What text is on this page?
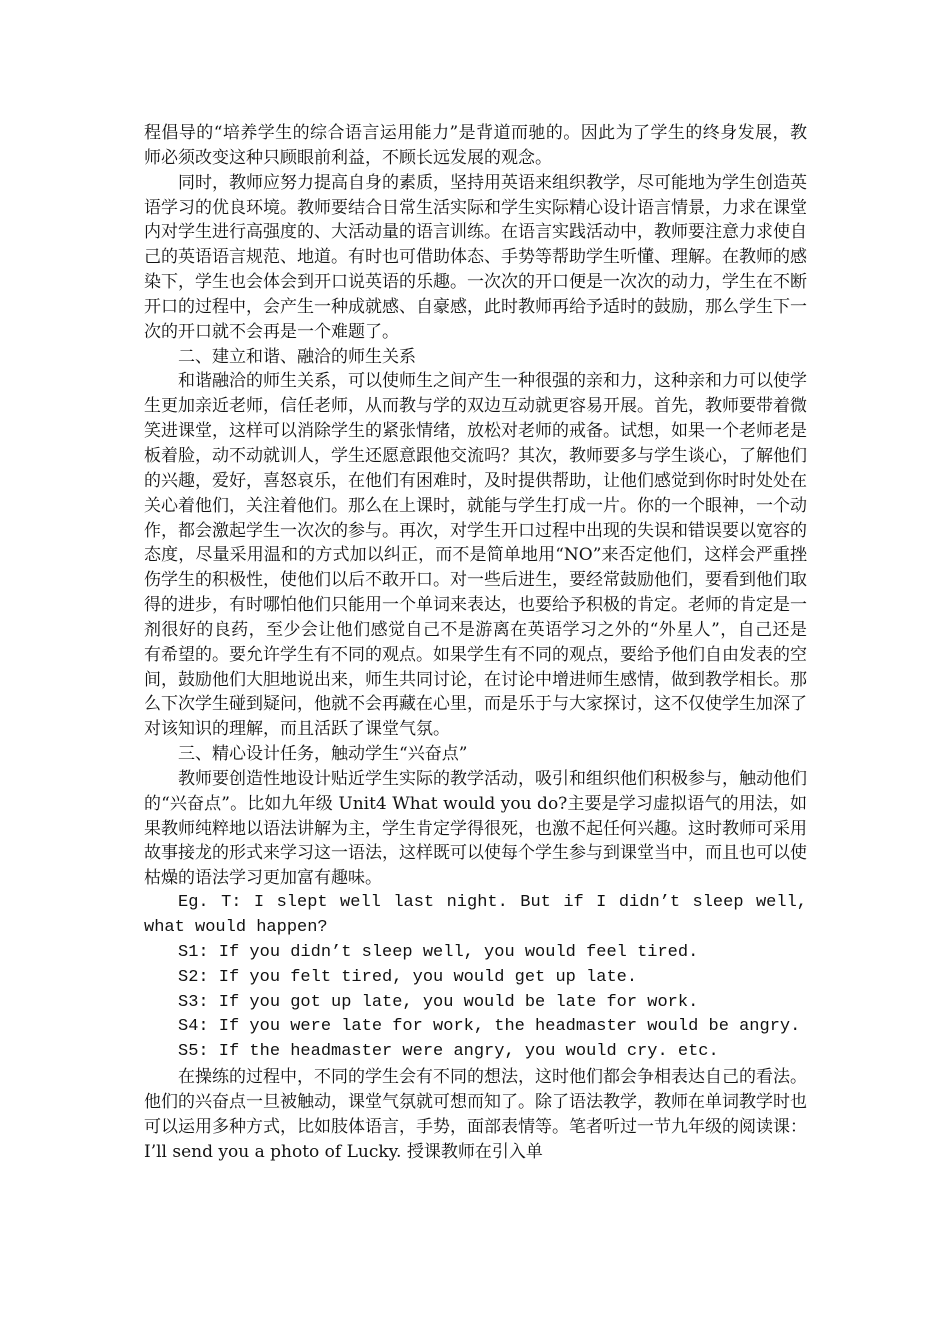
程倡导的“培养学生的综合语言运用能力”是背道而驰的。因此为了学生的终身发展，教师必须改变这种只顾眼前利益，不顾长远发展的观念。

同时，教师应努力提高自身的素质，坚持用英语来组织教学，尽可能地为学生创造英语学习的优良环境。教师要结合日常生活实际和学生实际精心设计语言情景，力求在课堂内对学生进行高强度的、大活动量的语言训练。在语言实践活动中，教师要注意力求使自己的英语语言规范、地道。有时也可借助体态、手势等帮助学生听懂、理解。在教师的感染下，学生也会体会到开口说英语的乐趣。一次次的开口便是一次次的动力，学生在不断开口的过程中，会产生一种成就感、自豪感，此时教师再给予适时的鼓励，那么学生下一次的开口就不会再是一个难题了。

二、建立和谐、融洽的师生关系

和谐融洽的师生关系，可以使师生之间产生一种很强的亲和力，这种亲和力可以使学生更加亲近老师，信任老师，从而教与学的双边互动就更容易开展。首先，教师要带着微笑进课堂，这样可以消除学生的紧张情绪，放松对老师的戒备。试想，如果一个老师老是板着脸，动不动就训人，学生还愿意跟他交流吗？其次，教师要多与学生谈心，了解他们的兴趣，爱好，喜怒哀乐，在他们有困难时，及时提供帮助，让他们感觉到你时时处处在关心着他们，关注着他们。那么在上课时，就能与学生打成一片。你的一个眼神，一个动作，都会激起学生一次次的参与。再次，对学生开口过程中出现的失误和错误要以宽容的态度，尽量采用温和的方式加以纠正，而不是简单地用“NO”来否定他们，这样会严重挫伤学生的积极性，使他们以后不敢开口。对一些后进生，要经常鼓励他们，要看到他们取得的进步，有时哪怕他们只能用一个单词来表达，也要给予积极的肯定。老师的肯定是一剂很好的良药，至少会让他们感觉自己不是游离在英语学习之外的“外星人”，自己还是有希望的。要允许学生有不同的观点。如果学生有不同的观点，要给予他们自由发表的空间，鼓励他们大胆地说出来，师生共同讨论，在讨论中增进师生感情，做到教学相长。那么下次学生碰到疑问，他就不会再藏在心里，而是乐于与大家探讨，这不仅使学生加深了对该知识的理解，而且活跃了课堂气氛。

三、精心设计任务，触动学生“兴奋点”

教师要创造性地设计贴近学生实际的教学活动，吸引和组织他们积极参与，触动他们的“兴奋点”。比如九年级 Unit4 What would you do?主要是学习虚拟语气的用法，如果教师纯粹地以语法讲解为主，学生肯定学得很死，也激不起任何兴趣。这时教师可采用故事接龙的形式来学习这一语法，这样既可以使每个学生参与到课堂当中，而且也可以使枯燥的语法学习更加富有趣味。

Eg. T: I slept well last night. But if I didn’t sleep well, what would happen?

S1: If you didn’t sleep well, you would feel tired.

S2: If you felt tired, you would get up late.

S3: If you got up late, you would be late for work.

S4: If you were late for work, the headmaster would be angry.

S5: If the headmaster were angry, you would cry. etc.

在操练的过程中，不同的学生会有不同的想法，这时他们都会争相表达自己的看法。他们的兴奋点一旦被触动，课堂气氛就可想而知了。除了语法教学，教师在单词教学时也可以运用多种方式，比如肢体语言，手势，面部表情等。笔者听过一节九年级的阅读课：I’ll send you a photo of Lucky. 授课教师在引入单
